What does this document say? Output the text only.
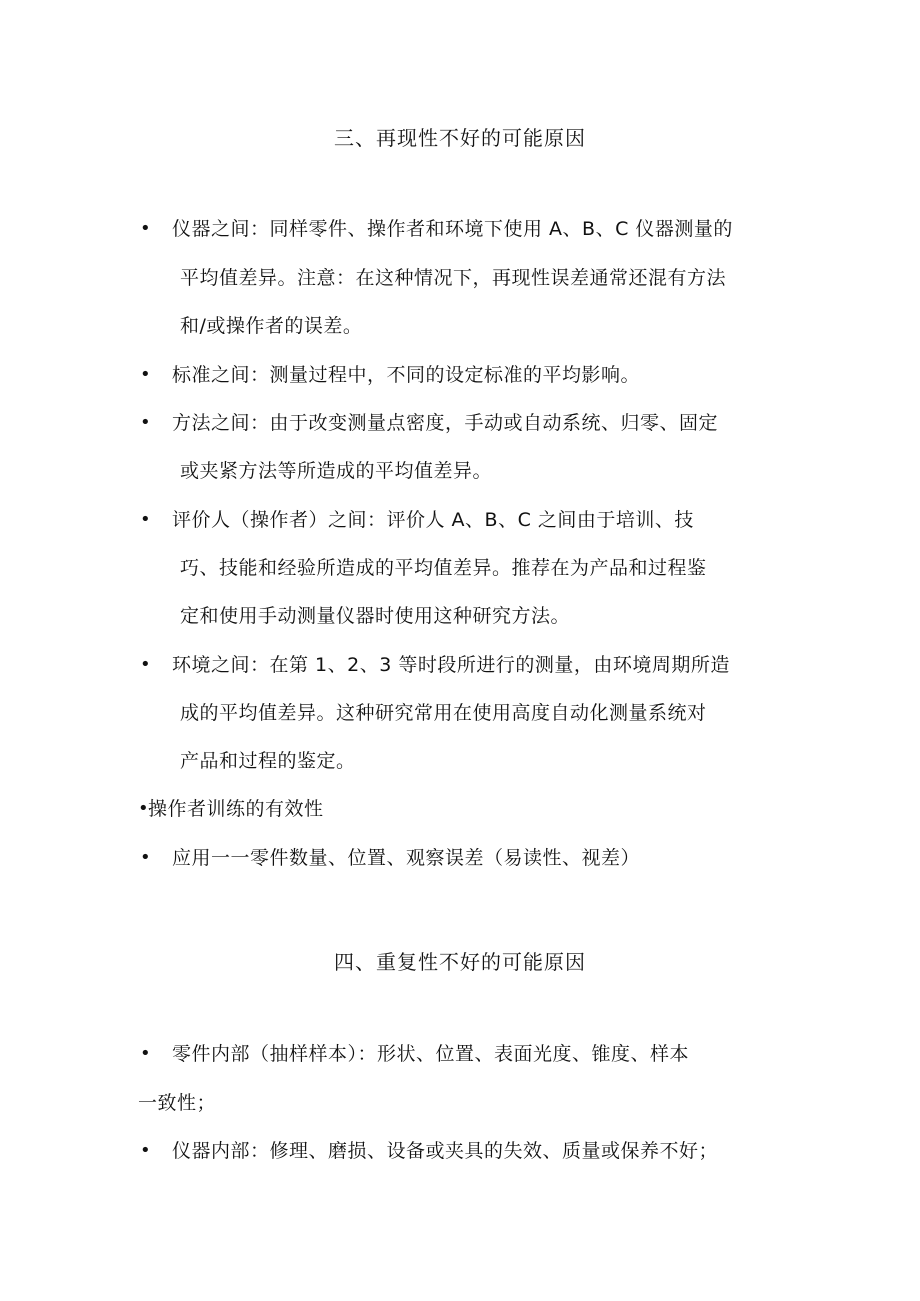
三、再现性不好的可能原因
• 仪器之间：同样零件、操作者和环境下使用 A、B、C 仪器测量的
平均值差异。注意：在这种情况下，再现性误差通常还混有方法
和/或操作者的误差。
• 标准之间：测量过程中，不同的设定标准的平均影响。
• 方法之间：由于改变测量点密度，手动或自动系统、归零、固定
或夹紧方法等所造成的平均值差异。
• 评价人（操作者）之间：评价人 A、B、C 之间由于培训、技
巧、技能和经验所造成的平均值差异。推荐在为产品和过程鉴
定和使用手动测量仪器时使用这种研究方法。
• 环境之间：在第 1、2、3 等时段所进行的测量，由环境周期所造
成的平均值差异。这种研究常用在使用高度自动化测量系统对
产品和过程的鉴定。
• 操作者训练的有效性
• 应用一一零件数量、位置、观察误差（易读性、视差）
四、重复性不好的可能原因
• 零件内部（抽样样本）：形状、位置、表面光度、锥度、样本
一致性；
• 仪器内部：修理、磨损、设备或夹具的失效、质量或保养不好；
